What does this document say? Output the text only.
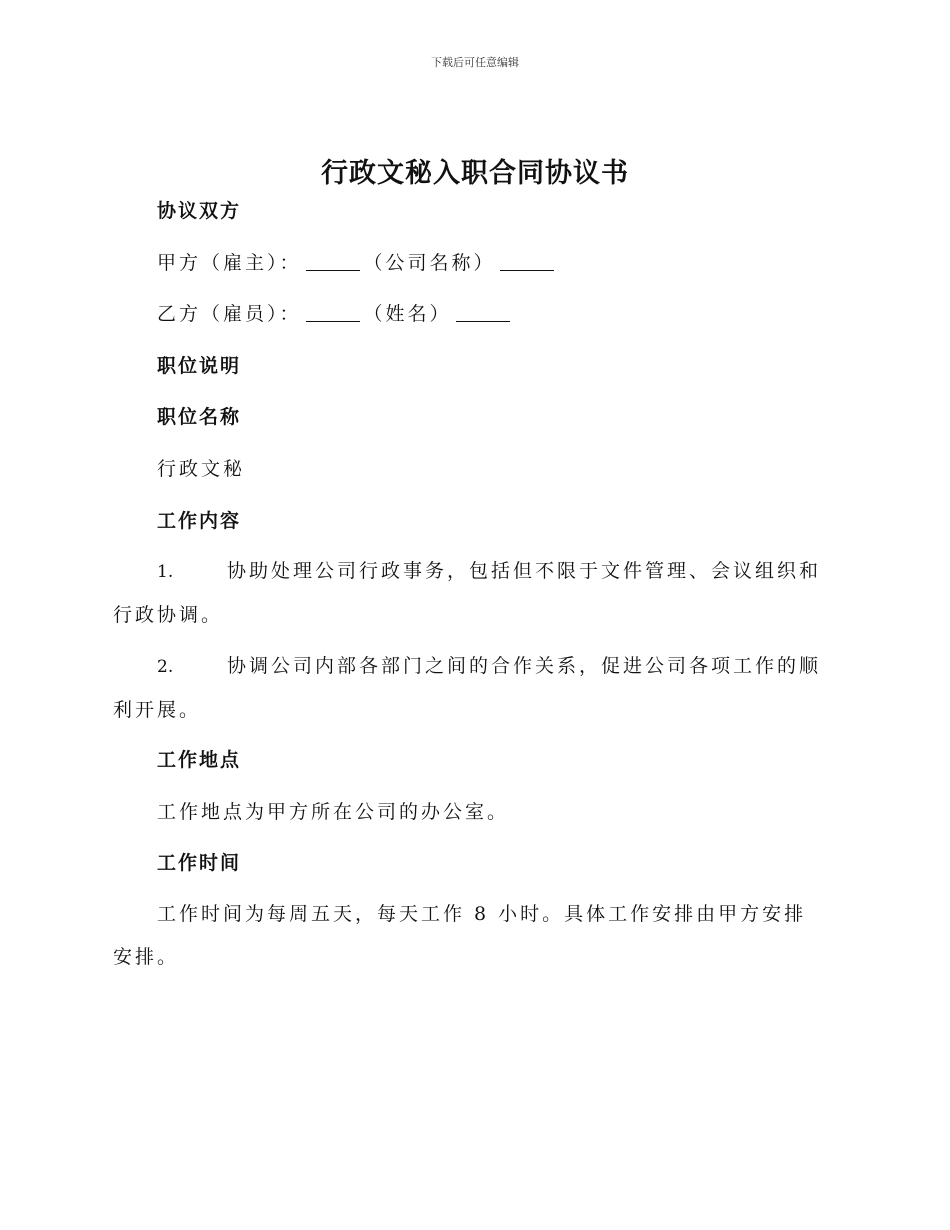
下载后可任意编辑
行政文秘入职合同协议书
协议双方
甲方（雇主）：	（公司名称）
乙方（雇员）：	（姓名）
职位说明
职位名称
行政文秘
工作内容
1.	协助处理公司行政事务，包括但不限于文件管理、会议组织和行政协调。
2.	协调公司内部各部门之间的合作关系，促进公司各项工作的顺利开展。
工作地点
工作地点为甲方所在公司的办公室。
工作时间
工作时间为每周五天，每天工作 8 小时。具体工作安排由甲方安排安排。
